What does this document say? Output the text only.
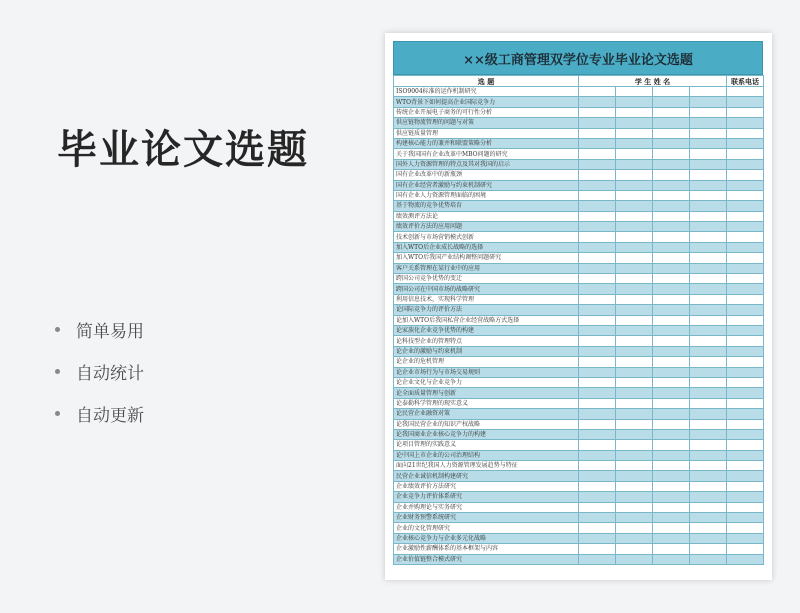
毕业论文选题
简单易用
自动统计
自动更新
××级工商管理双学位专业毕业论文选题
选 题	学 生 姓 名				联系电话
ISO9004标准的运作机制研究					
WTO背景下如何提高企业国际竞争力					
传统企业开展电子商务的可行性分析					
供应链物流管理的问题与对策					
供应链质量管理					
构建核心能力的兼并和联盟策略分析					
关于我国国有企业改革中MBO问题的研究					
国外人力资源管理的特点及其对我国的启示					
国有企业改革中的新瓶颈					
国有企业经营者激励与约束机制研究					
国有企业人力资源管理面临的困境					
基于物流的竞争优势培育					
绩效测评方法论					
绩效评价方法的应用问题					
技术创新与市场营销模式创新					
加入WTO后企业成长战略的选择					
加入WTO后我国产业结构调整问题研究					
客户关系管理在某行业中的应用					
跨国公司竞争优势的变迁					
跨国公司在中国市场的战略研究					
利用信息技术，实现科学管理					
论国际竞争力的评价方法					
论加入WTO后我国私营企业经营战略方式选择					
论家族化企业竞争优势的构建					
论科技型企业的管理特点					
论企业的激励与约束机制					
论企业的危机管理					
论企业市场行为与市场交易规则					
论企业文化与企业竞争力					
论全面质量管理与创新					
论泰勒科学管理的现实意义					
论民营企业融资对策					
论我国民营企业的知识产权战略					
论我国商业企业核心竞争力的构建					
论项目管理的实践意义					
论中国上市企业的公司治理结构					
面向21世纪我国人力资源管理发展趋势与特征					
民营企业诚信机制构建研究					
企业绩效评价方法研究					
企业竞争力评价体系研究					
企业并购理论与实务研究					
企业财务预警系统研究					
企业的文化管理研究					
企业核心竞争力与企业多元化战略					
企业激励性薪酬体系的基本框架与内容					
企业价值链整合模式研究					
